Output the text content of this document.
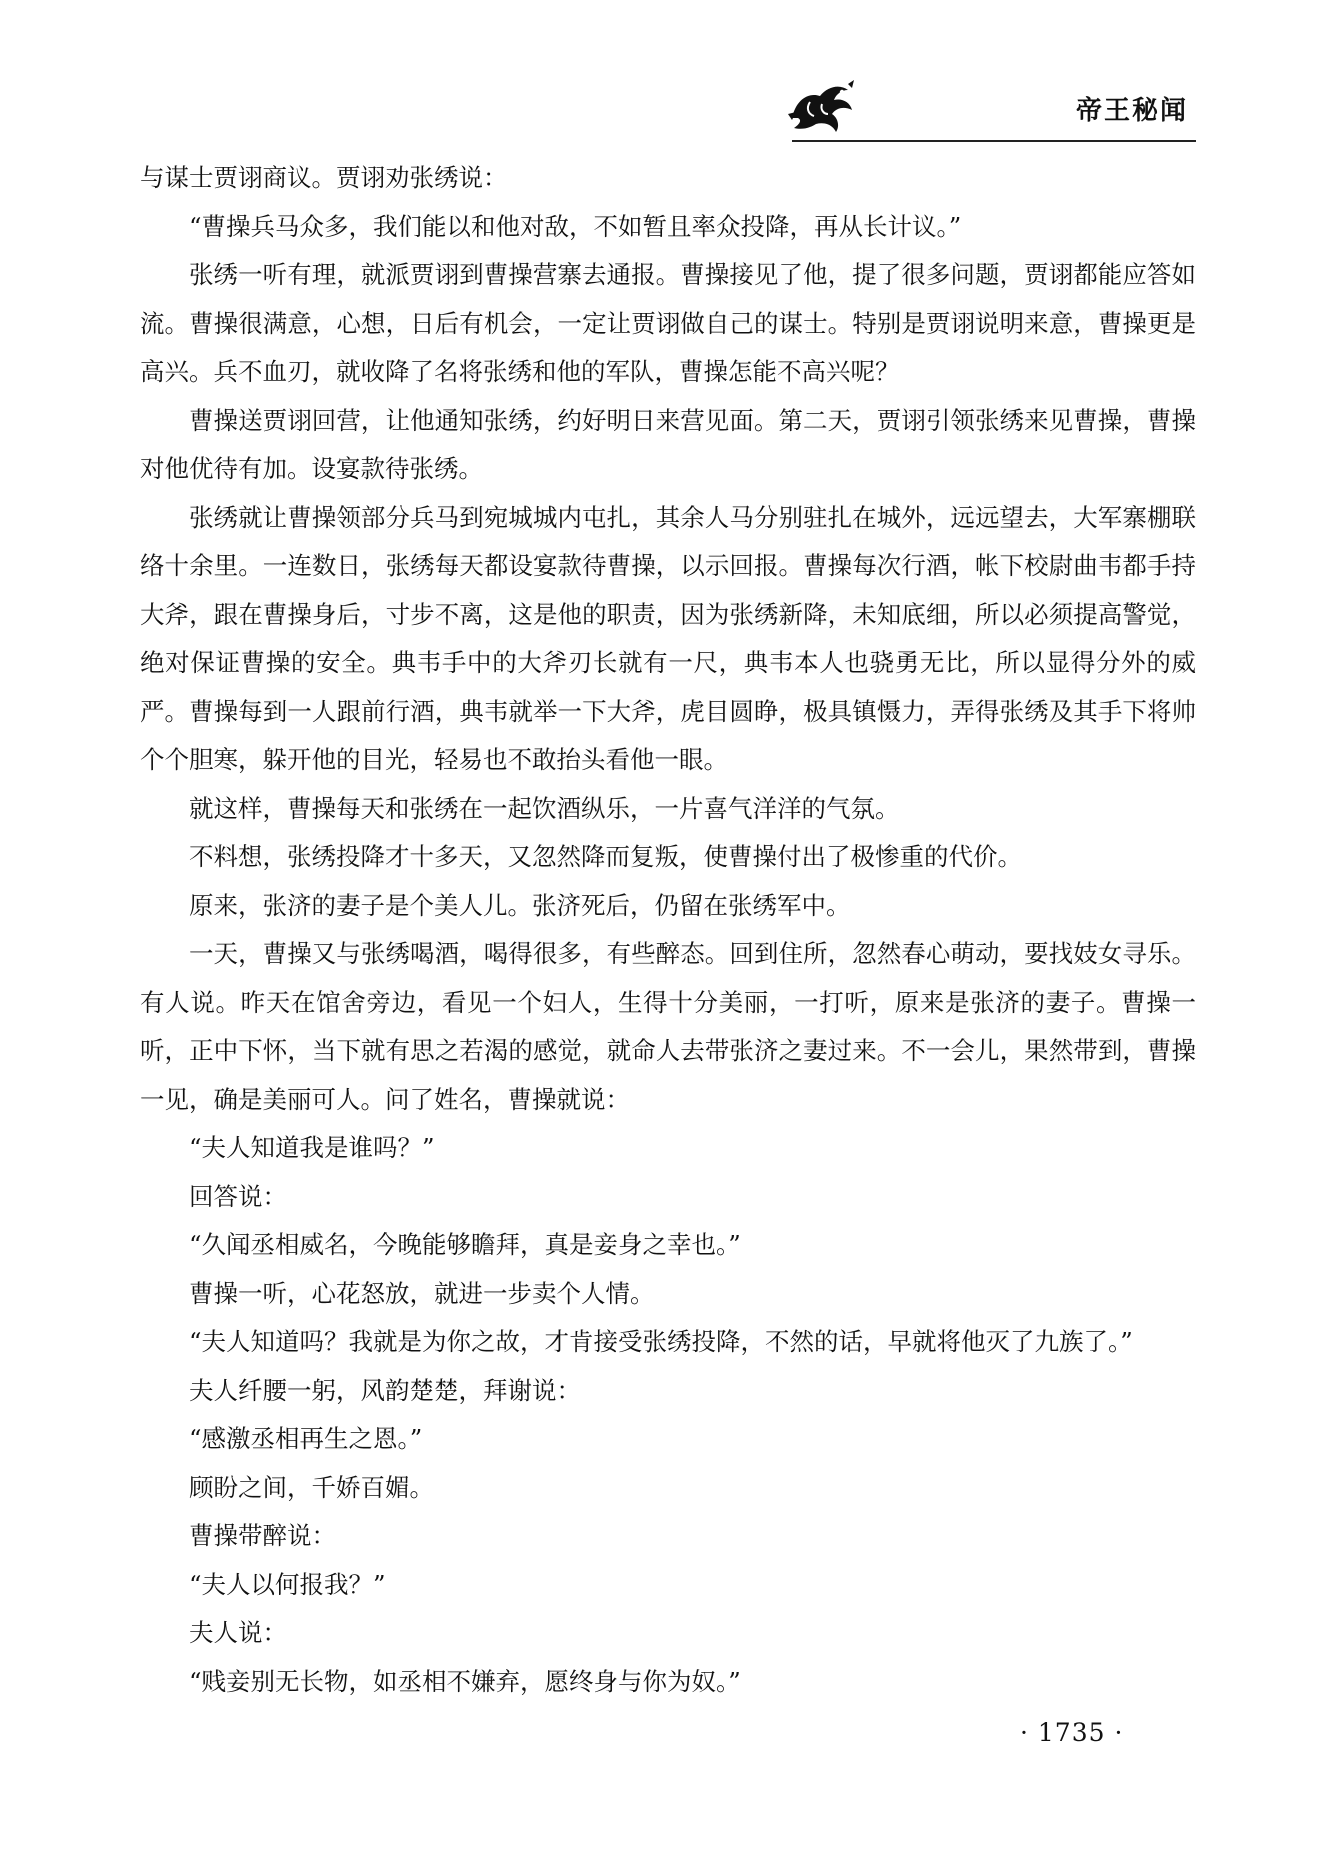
帝王秘闻

与谋士贾诩商议。贾诩劝张绣说：

“曹操兵马众多，我们能以和他对敌，不如暂且率众投降，再从长计议。”

张绣一听有理，就派贾诩到曹操营寨去通报。曹操接见了他，提了很多问题，贾诩都能应答如流。曹操很满意，心想，日后有机会，一定让贾诩做自己的谋士。特别是贾诩说明来意，曹操更是高兴。兵不血刃，就收降了名将张绣和他的军队，曹操怎能不高兴呢？

曹操送贾诩回营，让他通知张绣，约好明日来营见面。第二天，贾诩引领张绣来见曹操，曹操对他优待有加。设宴款待张绣。

张绣就让曹操领部分兵马到宛城城内屯扎，其余人马分别驻扎在城外，远远望去，大军寨棚联络十余里。一连数日，张绣每天都设宴款待曹操，以示回报。曹操每次行酒，帐下校尉曲韦都手持大斧，跟在曹操身后，寸步不离，这是他的职责，因为张绣新降，未知底细，所以必须提高警觉，绝对保证曹操的安全。典韦手中的大斧刃长就有一尺，典韦本人也骁勇无比，所以显得分外的威严。曹操每到一人跟前行酒，典韦就举一下大斧，虎目圆睁，极具镇慑力，弄得张绣及其手下将帅个个胆寒，躲开他的目光，轻易也不敢抬头看他一眼。

就这样，曹操每天和张绣在一起饮酒纵乐，一片喜气洋洋的气氛。

不料想，张绣投降才十多天，又忽然降而复叛，使曹操付出了极惨重的代价。

原来，张济的妻子是个美人儿。张济死后，仍留在张绣军中。

一天，曹操又与张绣喝酒，喝得很多，有些醉态。回到住所，忽然春心萌动，要找妓女寻乐。有人说。昨天在馆舍旁边，看见一个妇人，生得十分美丽，一打听，原来是张济的妻子。曹操一听，正中下怀，当下就有思之若渴的感觉，就命人去带张济之妻过来。不一会儿，果然带到，曹操一见，确是美丽可人。问了姓名，曹操就说：

“夫人知道我是谁吗？”

回答说：

“久闻丞相威名，今晚能够瞻拜，真是妾身之幸也。”

曹操一听，心花怒放，就进一步卖个人情。

“夫人知道吗？我就是为你之故，才肯接受张绣投降，不然的话，早就将他灭了九族了。”

夫人纤腰一躬，风韵楚楚，拜谢说：

“感激丞相再生之恩。”

顾盼之间，千娇百媚。

曹操带醉说：

“夫人以何报我？”

夫人说：

“贱妾别无长物，如丞相不嫌弃，愿终身与你为奴。”

· 1735 ·
